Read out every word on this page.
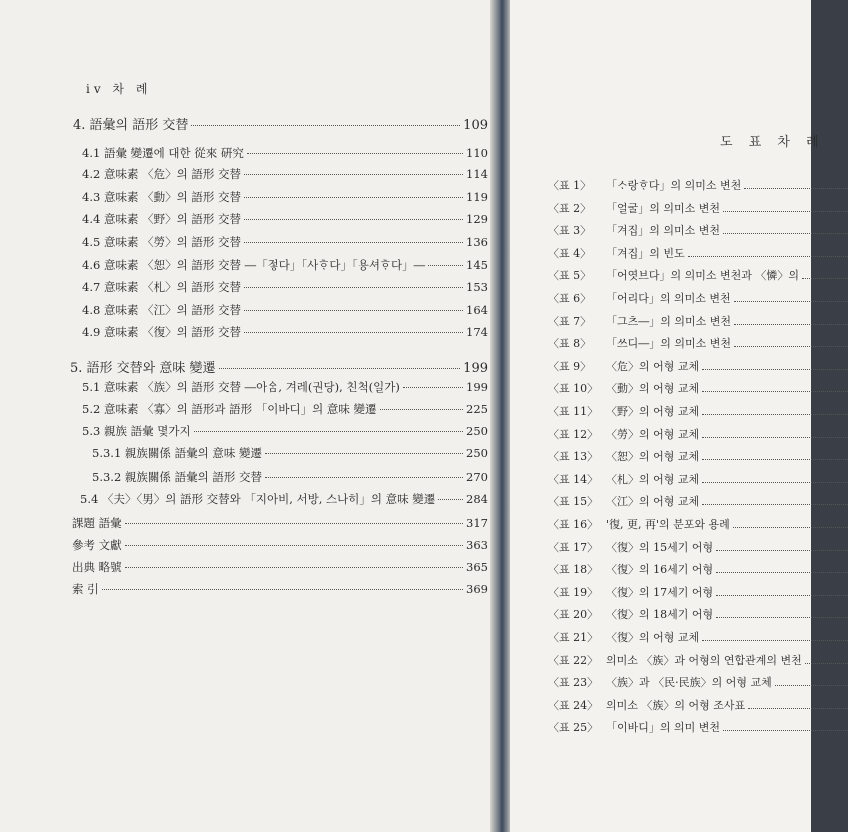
iv 차 례
4. 語彙의 語形 交替	109
4.1 語彙 變遷에 대한 從來 硏究	110
4.2 意味素 〈危〉의 語形 交替	114
4.3 意味素 〈動〉의 語形 交替	119
4.4 意味素 〈野〉의 語形 交替	129
4.5 意味素 〈勞〉의 語形 交替	136
4.6 意味素 〈恕〉의 語形 交替 ―「젛다」「사ᄒᆞ다」「용셔ᄒᆞ다」―	145
4.7 意味素 〈札〉의 語形 交替	153
4.8 意味素 〈江〉의 語形 交替	164
4.9 意味素 〈復〉의 語形 交替	174
5. 語形 交替와 意味 變遷	199
5.1 意味素 〈族〉의 語形 交替 ―아ᅀᆞᆷ, 겨레(권당), 친척(일가)	199
5.2 意味素 〈寡〉의 語形과 語形 「이바디」의 意味 變遷	225
5.3 親族 語彙 몇가지	250
5.3.1 親族關係 語彙의 意味 變遷	250
5.3.2 親族關係 語彙의 語形 交替	270
5.4 〈夫〉〈男〉의 語形 交替와 「지아비, 서방, 스나히」의 意味 變遷	284
課題 語彙	317
參考 文獻	363
出典 略號	365
索 引	369
도 표 차 례
〈표 1〉	「ᄉᆞ랑ᄒᆞ다」의 의미소 변천
〈표 2〉	「얼굴」의 의미소 변천
〈표 3〉	「겨집」의 의미소 변천
〈표 4〉	「겨집」의 빈도
〈표 5〉	「어엿브다」의 의미소 변천과 〈憐〉의
〈표 6〉	「어리다」의 의미소 변천
〈표 7〉	「그츠―」의 의미소 변천
〈표 8〉	「쓰디―」의 의미소 변천
〈표 9〉	〈危〉의 어형 교체
〈표 10〉 〈動〉의 어형 교체
〈표 11〉 〈野〉의 어형 교체
〈표 12〉 〈勞〉의 어형 교체
〈표 13〉 〈恕〉의 어형 교체
〈표 14〉 〈札〉의 어형 교체
〈표 15〉 〈江〉의 어형 교체
〈표 16〉 '復, 更, 再'의 분포와 용례
〈표 17〉 〈復〉의 15세기 어형
〈표 18〉 〈復〉의 16세기 어형
〈표 19〉 〈復〉의 17세기 어형
〈표 20〉 〈復〉의 18세기 어형
〈표 21〉 〈復〉의 어형 교체
〈표 22〉 의미소 〈族〉과 어형의 연합관계의 변천
〈표 23〉 〈族〉과 〈民·民族〉의 어형 교체
〈표 24〉 의미소 〈族〉의 어형 조사표
〈표 25〉 「이바디」의 의미 변천
